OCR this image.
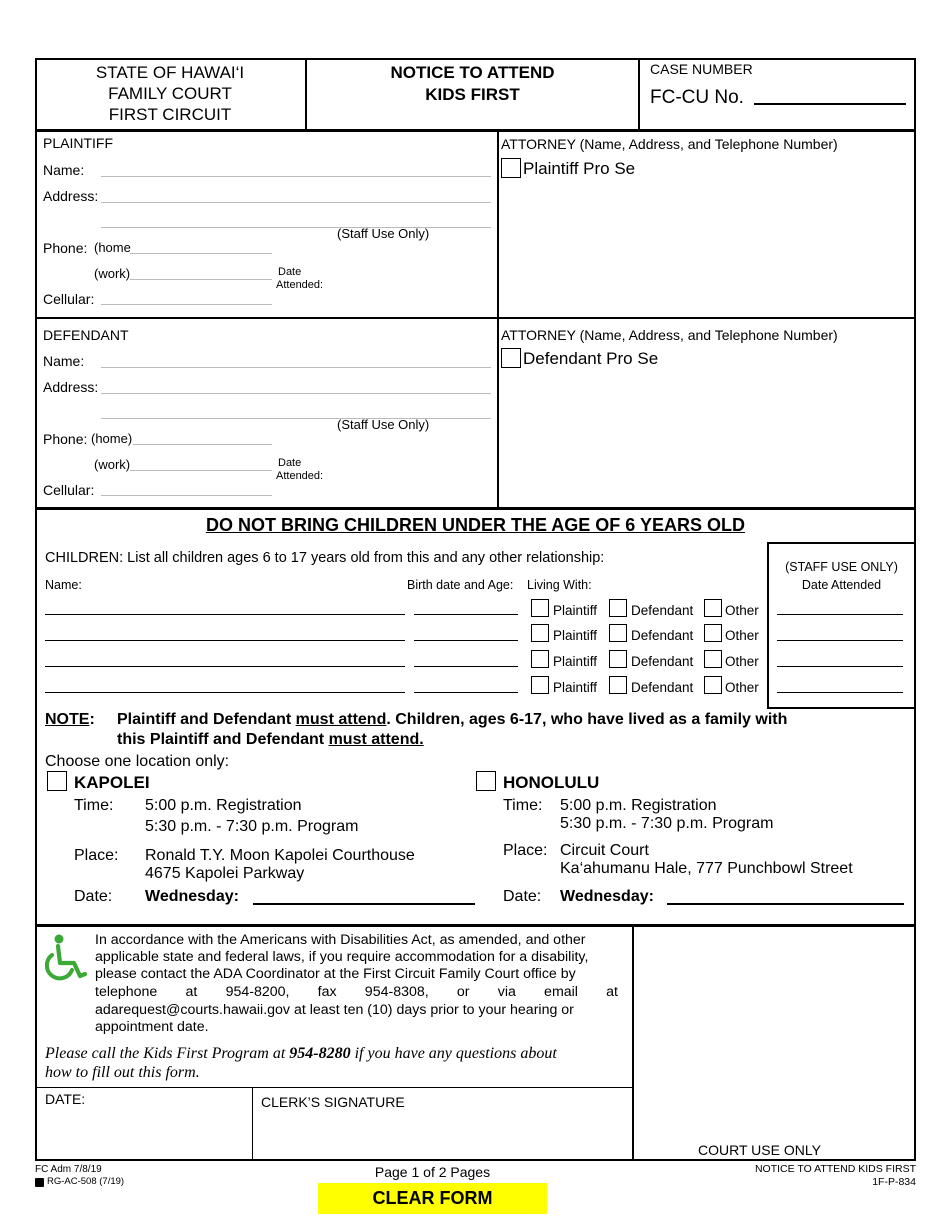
STATE OF HAWAI‘I
FAMILY COURT
FIRST CIRCUIT
NOTICE TO ATTEND
KIDS FIRST
CASE NUMBER
FC-CU No.
PLAINTIFF
Name:
Address:
(Staff Use Only)
Phone: (home
(work)	Date
Attended:
Cellular:
ATTORNEY (Name, Address, and Telephone Number)
Plaintiff Pro Se
DEFENDANT
Name:
Address:
(Staff Use Only)
Phone: (home)
(work)	Date
Attended:
Cellular:
ATTORNEY (Name, Address, and Telephone Number)
Defendant Pro Se
DO NOT BRING CHILDREN UNDER THE AGE OF 6 YEARS OLD
CHILDREN: List all children ages 6 to 17 years old from this and any other relationship:
(STAFF USE ONLY)
Date Attended
Name:	Birth date and Age: Living With:
Plaintiff	Defendant Other
Plaintiff	Defendant Other
Plaintiff	Defendant Other
Plaintiff	Defendant Other
NOTE: Plaintiff and Defendant must attend. Children, ages 6-17, who have lived as a family with
this Plaintiff and Defendant must attend.
Choose one location only:
KAPOLEI
Time: 5:00 p.m. Registration
5:30 p.m. - 7:30 p.m. Program
Place: Ronald T.Y. Moon Kapolei Courthouse
4675 Kapolei Parkway
Date: Wednesday:
HONOLULU
Time: 5:00 p.m. Registration
5:30 p.m. - 7:30 p.m. Program
Place: Circuit Court
Ka‘ahumanu Hale, 777 Punchbowl Street
Date: Wednesday:
In accordance with the Americans with Disabilities Act, as amended, and other
applicable state and federal laws, if you require accommodation for a disability,
please contact the ADA Coordinator at the First Circuit Family Court office by
telephone at 954-8200, fax 954-8308, or via email at
adarequest@courts.hawaii.gov at least ten (10) days prior to your hearing or
appointment date.
Please call the Kids First Program at 954-8280 if you have any questions about
how to fill out this form.
DATE:	CLERK’S SIGNATURE
COURT USE ONLY
FC Adm 7/8/19
RG-AC-508 (7/19)
Page 1 of 2 Pages	NOTICE TO ATTEND KIDS FIRST
1F-P-834
CLEAR FORM
